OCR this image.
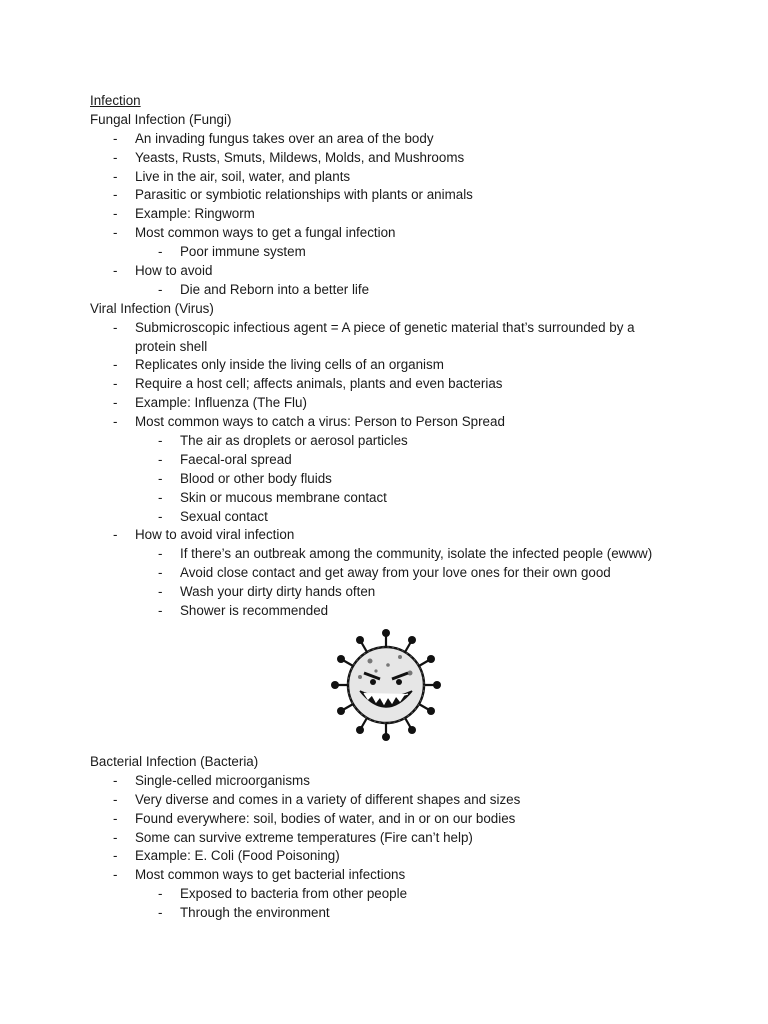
Infection
Fungal Infection (Fungi)
-	An invading fungus takes over an area of the body
-	Yeasts, Rusts, Smuts, Mildews, Molds, and Mushrooms
-	Live in the air, soil, water, and plants
-	Parasitic or symbiotic relationships with plants or animals
-	Example: Ringworm
-	Most common ways to get a fungal infection
-	Poor immune system
-	How to avoid
-	Die and Reborn into a better life
Viral Infection (Virus)
-	Submicroscopic infectious agent = A piece of genetic material that’s surrounded by a
protein shell
-	Replicates only inside the living cells of an organism
-	Require a host cell; affects animals, plants and even bacterias
-	Example: Influenza (The Flu)
-	Most common ways to catch a virus: Person to Person Spread
-	The air as droplets or aerosol particles
-	Faecal-oral spread
-	Blood or other body fluids
-	Skin or mucous membrane contact
-	Sexual contact
-	How to avoid viral infection
-	If there’s an outbreak among the community, isolate the infected people (ewww)
-	Avoid close contact and get away from your love ones for their own good
-	Wash your dirty dirty hands often
-	Shower is recommended
Bacterial Infection (Bacteria)
-	Single-celled microorganisms
-	Very diverse and comes in a variety of different shapes and sizes
-	Found everywhere: soil, bodies of water, and in or on our bodies
-	Some can survive extreme temperatures (Fire can’t help)
-	Example: E. Coli (Food Poisoning)
-	Most common ways to get bacterial infections
-	Exposed to bacteria from other people
-	Through the environment
